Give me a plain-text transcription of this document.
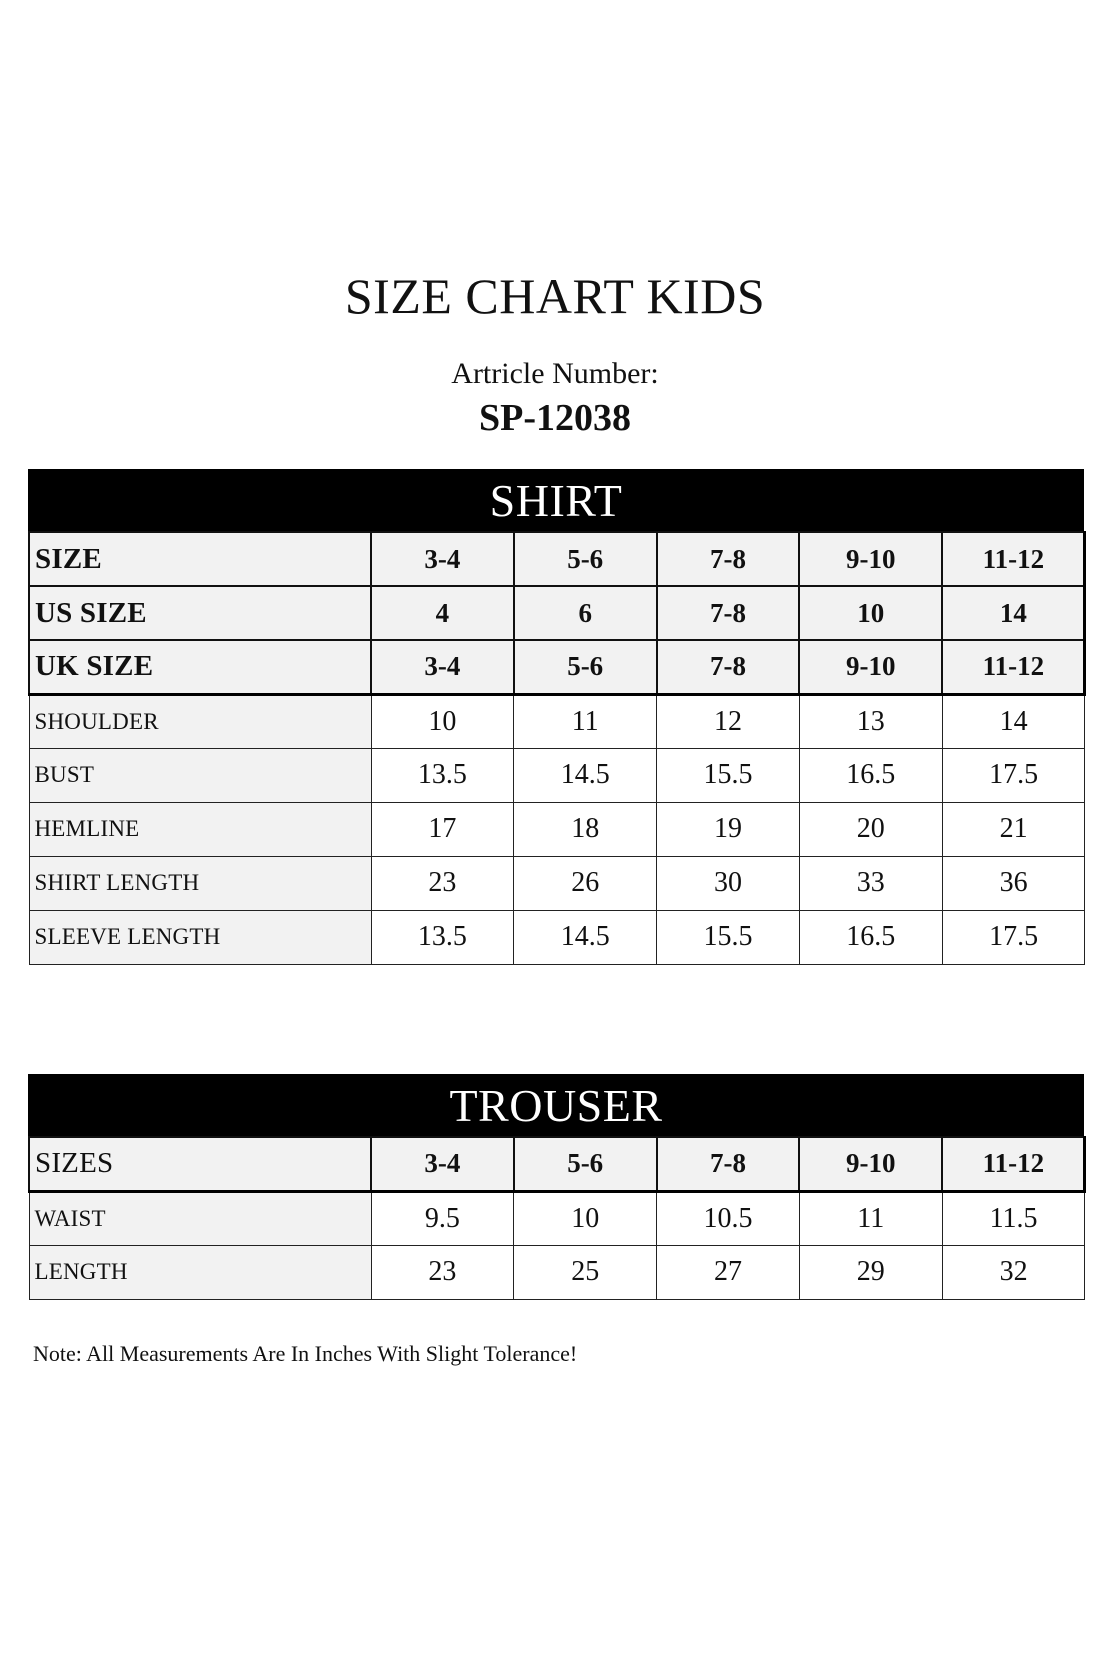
SIZE CHART KIDS
Artricle Number:
SP-12038
SHIRT
SIZE	3-4	5-6	7-8	9-10	11-12
US SIZE	4	6	7-8	10	14
UK SIZE	3-4	5-6	7-8	9-10	11-12
SHOULDER	10	11	12	13	14
BUST	13.5	14.5	15.5	16.5	17.5
HEMLINE	17	18	19	20	21
SHIRT LENGTH	23	26	30	33	36
SLEEVE LENGTH	13.5	14.5	15.5	16.5	17.5
TROUSER
SIZES	3-4	5-6	7-8	9-10	11-12
WAIST	9.5	10	10.5	11	11.5
LENGTH	23	25	27	29	32
Note: All Measurements Are In Inches With Slight Tolerance!
